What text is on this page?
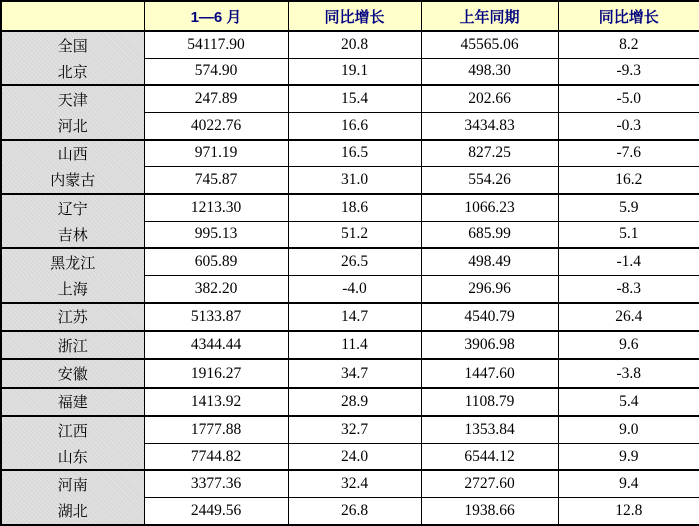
	1—6 月	同比增长	上年同期	同比增长
全国	54117.90	20.8	45565.06	8.2
北京	574.90	19.1	498.30	-9.3
天津	247.89	15.4	202.66	-5.0
河北	4022.76	16.6	3434.83	-0.3
山西	971.19	16.5	827.25	-7.6
内蒙古	745.87	31.0	554.26	16.2
辽宁	1213.30	18.6	1066.23	5.9
吉林	995.13	51.2	685.99	5.1
黑龙江	605.89	26.5	498.49	-1.4
上海	382.20	-4.0	296.96	-8.3
江苏	5133.87	14.7	4540.79	26.4
浙江	4344.44	11.4	3906.98	9.6
安徽	1916.27	34.7	1447.60	-3.8
福建	1413.92	28.9	1108.79	5.4
江西	1777.88	32.7	1353.84	9.0
山东	7744.82	24.0	6544.12	9.9
河南	3377.36	32.4	2727.60	9.4
湖北	2449.56	26.8	1938.66	12.8
